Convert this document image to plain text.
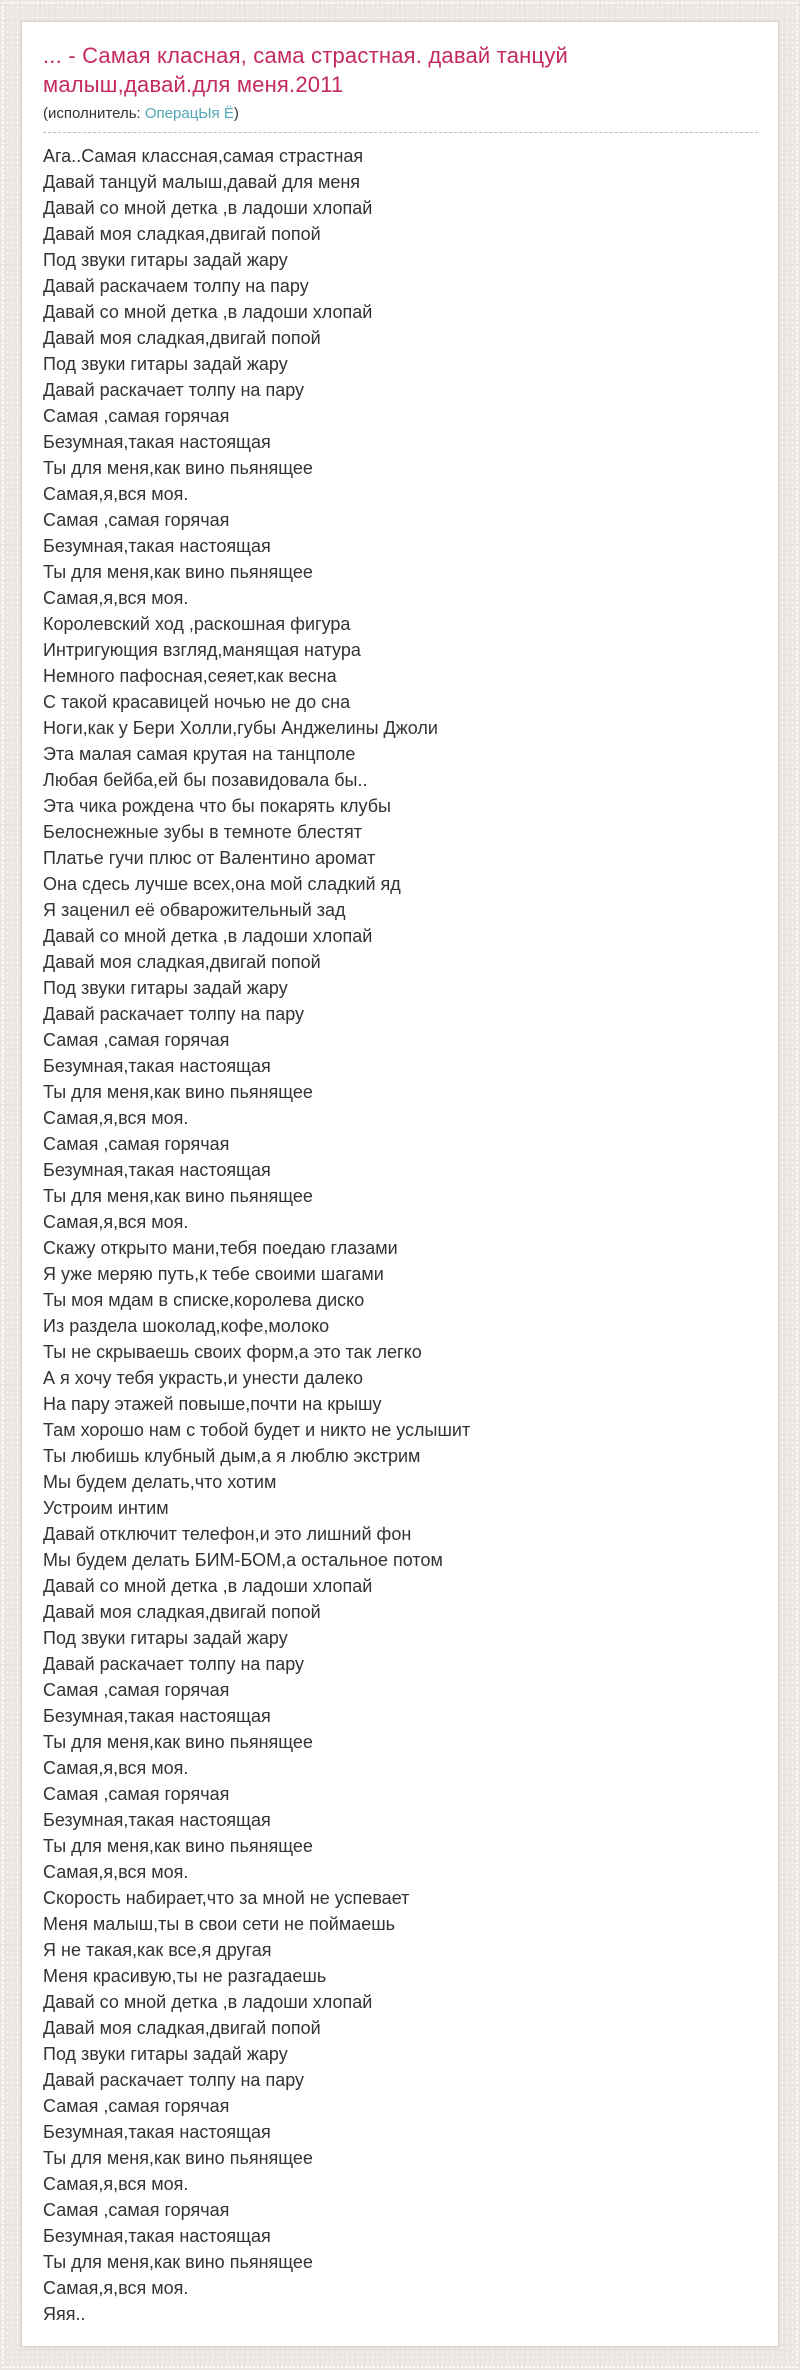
... - Самая класная, сама страстная. давай танцуй малыш,давай.для меня.2011
(исполнитель: ОперацЫя Ё)
Ага..Самая классная,самая страстная
Давай танцуй малыш,давай для меня
Давай со мной детка ,в ладоши хлопай
Давай моя сладкая,двигай попой
Под звуки гитары задай жару
Давай раскачаем толпу на пару
Давай со мной детка ,в ладоши хлопай
Давай моя сладкая,двигай попой
Под звуки гитары задай жару
Давай раскачает толпу на пару
Самая ,самая горячая
Безумная,такая настоящая
Ты для меня,как вино пьянящее
Самая,я,вся моя.
Самая ,самая горячая
Безумная,такая настоящая
Ты для меня,как вино пьянящее
Самая,я,вся моя.
Королевский ход ,раскошная фигура
Интригующия взгляд,манящая натура
Немного пафосная,сеяет,как весна
С такой красавицей ночью не до сна
Ноги,как у Бери Холли,губы Анджелины Джоли
Эта малая самая крутая на танцполе
Любая бейба,ей бы позавидовала бы..
Эта чика рождена что бы покарять клубы
Белоснежные зубы в темноте блестят
Платье гучи плюс от Валентино аромат
Она сдесь лучше всех,она мой сладкий яд
Я заценил её обварожительный зад
Давай со мной детка ,в ладоши хлопай
Давай моя сладкая,двигай попой
Под звуки гитары задай жару
Давай раскачает толпу на пару
Самая ,самая горячая
Безумная,такая настоящая
Ты для меня,как вино пьянящее
Самая,я,вся моя.
Самая ,самая горячая
Безумная,такая настоящая
Ты для меня,как вино пьянящее
Самая,я,вся моя.
Скажу открыто мани,тебя поедаю глазами
Я уже меряю путь,к тебе своими шагами
Ты моя мдам в списке,королева диско
Из раздела шоколад,кофе,молоко
Ты не скрываешь своих форм,а это так легко
А я хочу тебя украсть,и унести далеко
На пару этажей повыше,почти на крышу
Там хорошо нам с тобой будет и никто не услышит
Ты любишь клубный дым,а я люблю экстрим
Мы будем делать,что хотим
Устроим интим
Давай отключит телефон,и это лишний фон
Мы будем делать БИМ-БОМ,а остальное потом
Давай со мной детка ,в ладоши хлопай
Давай моя сладкая,двигай попой
Под звуки гитары задай жару
Давай раскачает толпу на пару
Самая ,самая горячая
Безумная,такая настоящая
Ты для меня,как вино пьянящее
Самая,я,вся моя.
Самая ,самая горячая
Безумная,такая настоящая
Ты для меня,как вино пьянящее
Самая,я,вся моя.
Скорость набирает,что за мной не успевает
Меня малыш,ты в свои сети не поймаешь
Я не такая,как все,я другая
Меня красивую,ты не разгадаешь
Давай со мной детка ,в ладоши хлопай
Давай моя сладкая,двигай попой
Под звуки гитары задай жару
Давай раскачает толпу на пару
Самая ,самая горячая
Безумная,такая настоящая
Ты для меня,как вино пьянящее
Самая,я,вся моя.
Самая ,самая горячая
Безумная,такая настоящая
Ты для меня,как вино пьянящее
Самая,я,вся моя.
Яяя..
